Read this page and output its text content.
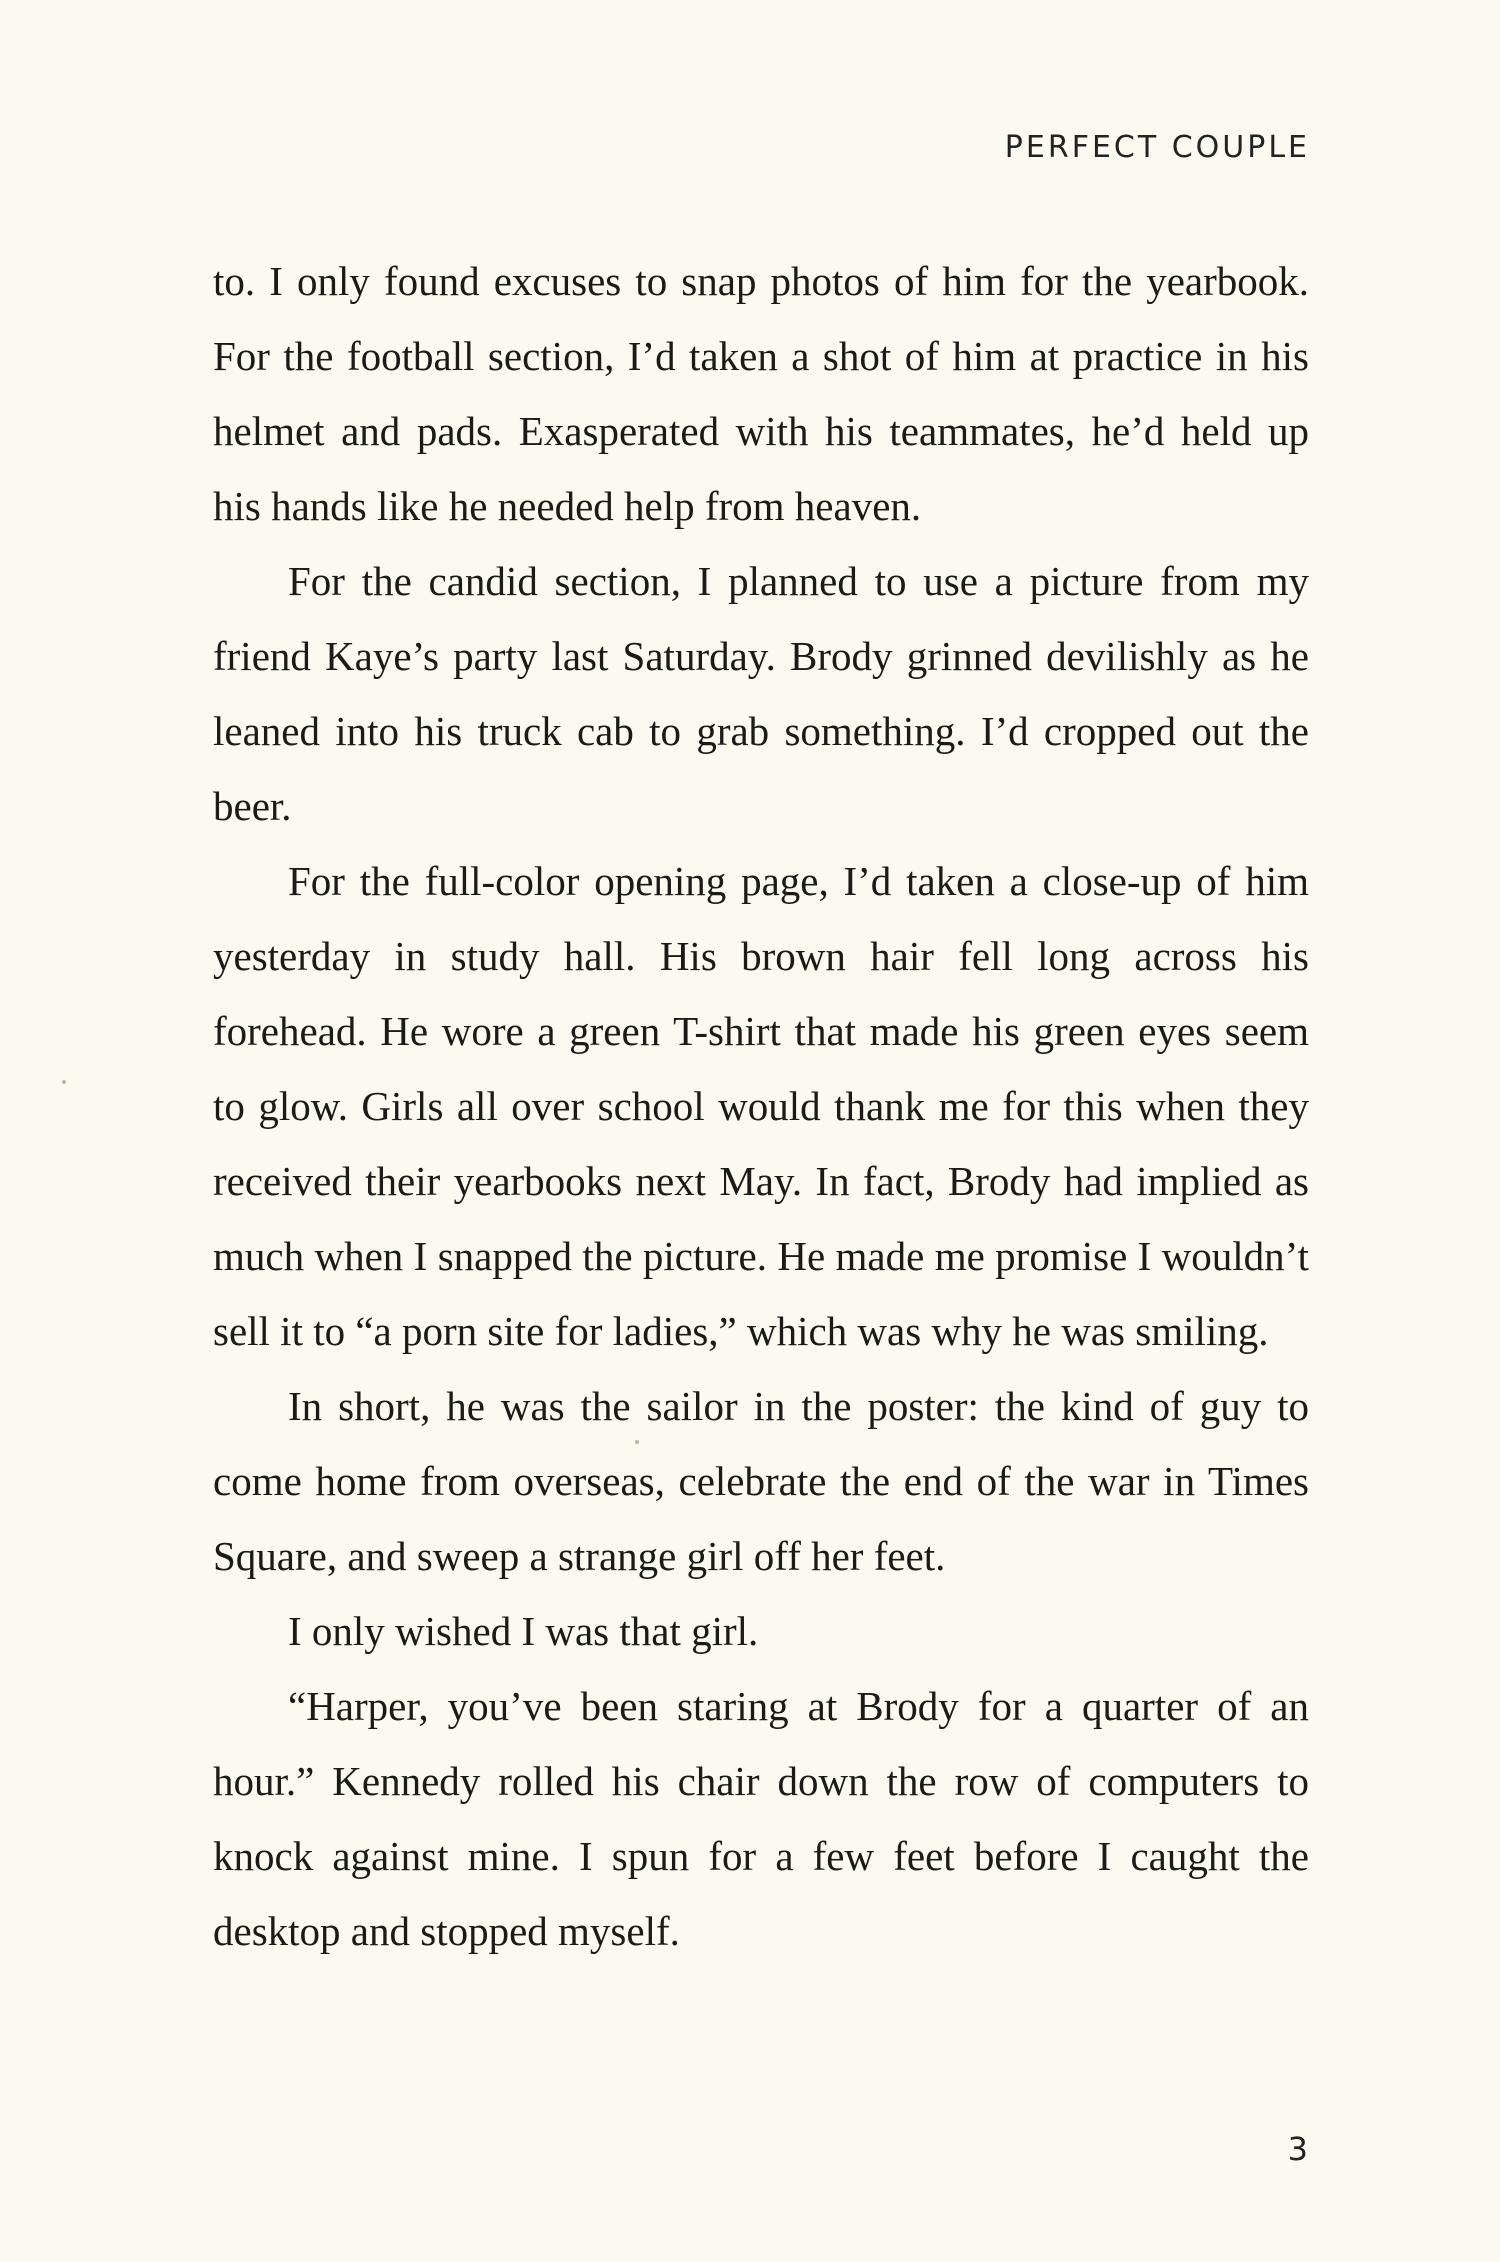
PERFECT COUPLE

to. I only found excuses to snap photos of him for the yearbook. For the football section, I’d taken a shot of him at practice in his helmet and pads. Exasperated with his teammates, he’d held up his hands like he needed help from heaven.

For the candid section, I planned to use a picture from my friend Kaye’s party last Saturday. Brody grinned devilishly as he leaned into his truck cab to grab something. I’d cropped out the beer.

For the full-color opening page, I’d taken a close-up of him yesterday in study hall. His brown hair fell long across his forehead. He wore a green T-shirt that made his green eyes seem to glow. Girls all over school would thank me for this when they received their yearbooks next May. In fact, Brody had implied as much when I snapped the picture. He made me promise I wouldn’t sell it to “a porn site for ladies,” which was why he was smiling.

In short, he was the sailor in the poster: the kind of guy to come home from overseas, celebrate the end of the war in Times Square, and sweep a strange girl off her feet.

I only wished I was that girl.

“Harper, you’ve been staring at Brody for a quarter of an hour.” Kennedy rolled his chair down the row of computers to knock against mine. I spun for a few feet before I caught the desktop and stopped myself.

3
